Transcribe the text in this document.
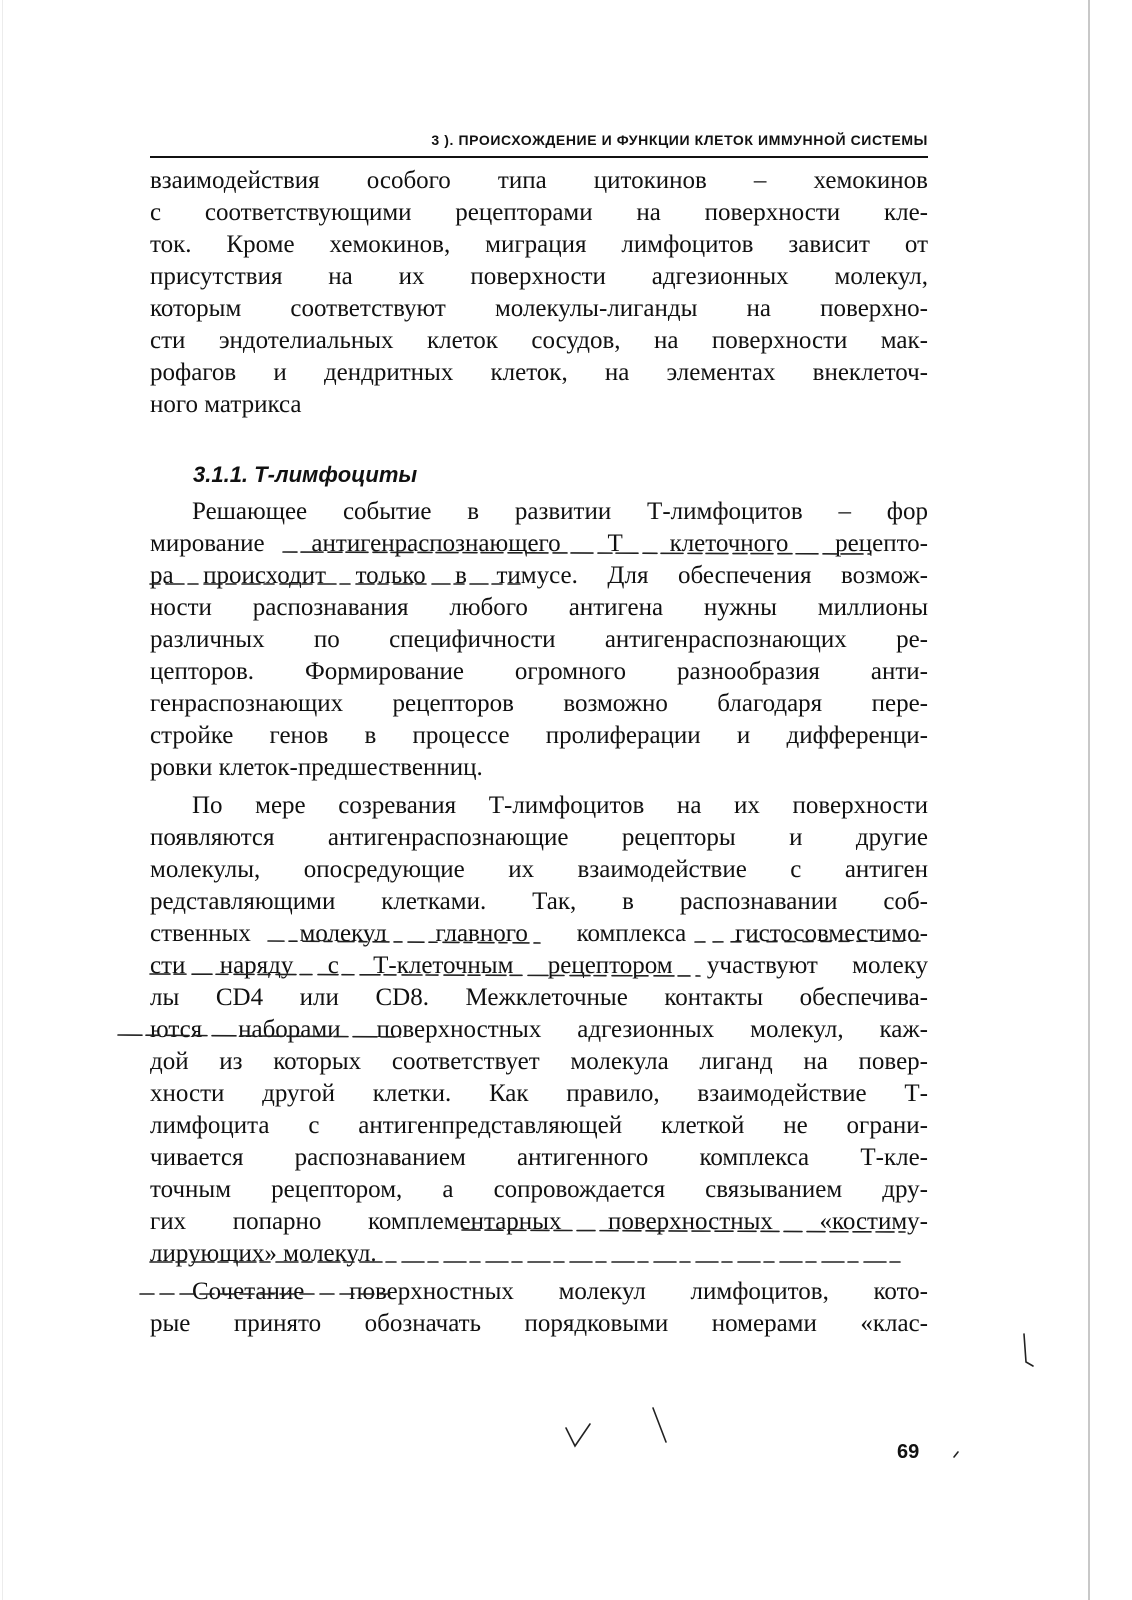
3 ). ПРОИСХОЖДЕНИЕ И ФУНКЦИИ КЛЕТОК ИММУННОЙ СИСТЕМЫ
взаимодействия особого типа цитокинов – хемокинов
с соответствующими рецепторами на поверхности кле-
ток. Кроме хемокинов, миграция лимфоцитов зависит от
присутствия на их поверхности адгезионных молекул,
которым соответствуют молекулы-лиганды на поверхно-
сти эндотелиальных клеток сосудов, на поверхности мак-
рофагов и дендритных клеток, на элементах внеклеточ-
ного матрикса
3.1.1. Т-лимфоциты
Решающее событие в развитии Т-лимфоцитов – фор
мирование антигенраспознающего Т клеточного рецепто-
ра происходит только в тимусе. Для обеспечения возмож-
ности распознавания любого антигена нужны миллионы
различных по специфичности антигенраспознающих ре-
цепторов. Формирование огромного разнообразия анти-
генраспознающих рецепторов возможно благодаря пере-
стройке генов в процессе пролиферации и дифференци-
ровки клеток-предшественниц.
По мере созревания Т-лимфоцитов на их поверхности
появляются антигенраспознающие рецепторы и другие
молекулы, опосредующие их взаимодействие с антиген
редставляющими клетками. Так, в распознавании соб-
ственных молекул главного комплекса гистосовместимо-
сти наряду с Т-клеточным рецептором участвуют молеку
лы CD4 или CD8. Межклеточные контакты обеспечива-
ются наборами поверхностных адгезионных молекул, каж-
дой из которых соответствует молекула лиганд на повер-
хности другой клетки. Как правило, взаимодействие Т-
лимфоцита с антигенпредставляющей клеткой не ограни-
чивается распознаванием антигенного комплекса Т-кле-
точным рецептором, а сопровождается связыванием дру-
гих попарно комплементарных поверхностных «костиму-
лирующих» молекул.
Сочетание поверхностных молекул лимфоцитов, кото-
рые принято обозначать порядковыми номерами «клас-
69
